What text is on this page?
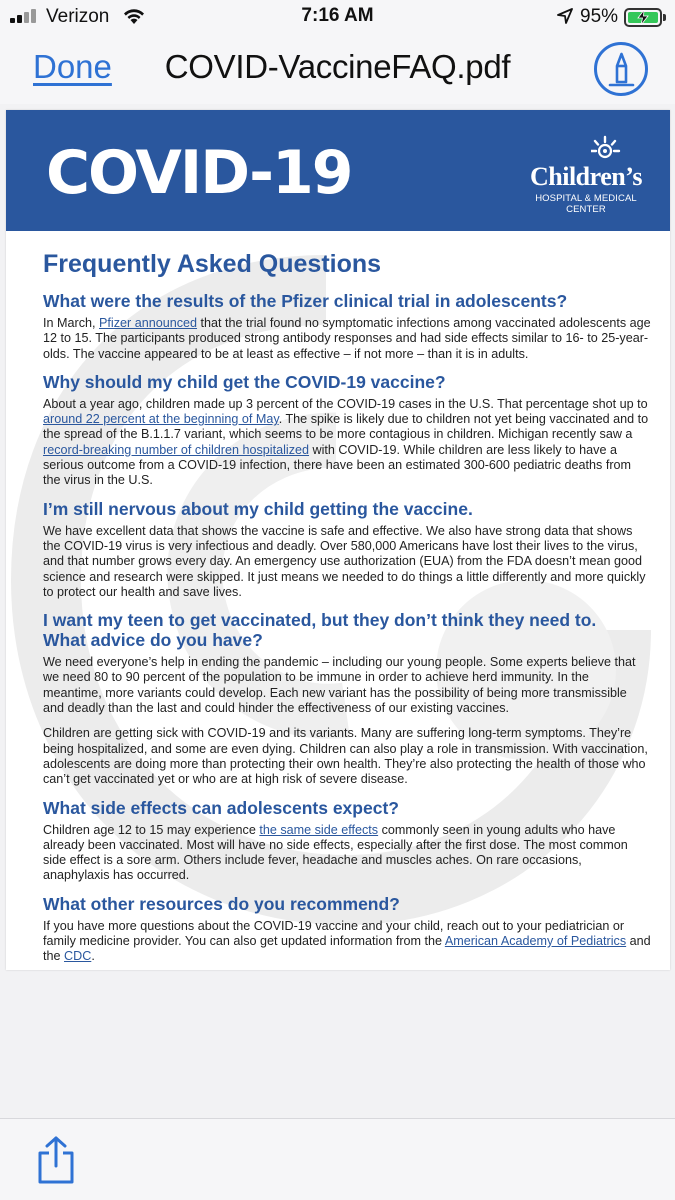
Verizon	7:16 AM	95%
Done	COVID-VaccineFAQ.pdf
COVID-19	Children’s
HOSPITAL & MEDICAL CENTER
Frequently Asked Questions
What were the results of the Pfizer clinical trial in adolescents?
In March, Pfizer announced that the trial found no symptomatic infections among vaccinated adolescents age 12 to 15. The participants produced strong antibody responses and had side effects similar to 16- to 25-year-olds. The vaccine appeared to be at least as effective – if not more – than it is in adults.
Why should my child get the COVID-19 vaccine?
About a year ago, children made up 3 percent of the COVID-19 cases in the U.S. That percentage shot up to around 22 percent at the beginning of May. The spike is likely due to children not yet being vaccinated and to the spread of the B.1.1.7 variant, which seems to be more contagious in children. Michigan recently saw a record-breaking number of children hospitalized with COVID-19. While children are less likely to have a serious outcome from a COVID-19 infection, there have been an estimated 300-600 pediatric deaths from the virus in the U.S.
I’m still nervous about my child getting the vaccine.
We have excellent data that shows the vaccine is safe and effective. We also have strong data that shows the COVID-19 virus is very infectious and deadly. Over 580,000 Americans have lost their lives to the virus, and that number grows every day. An emergency use authorization (EUA) from the FDA doesn’t mean good science and research were skipped. It just means we needed to do things a little differently and more quickly to protect our health and save lives.
I want my teen to get vaccinated, but they don’t think they need to.
What advice do you have?
We need everyone’s help in ending the pandemic – including our young people. Some experts believe that we need 80 to 90 percent of the population to be immune in order to achieve herd immunity. In the meantime, more variants could develop. Each new variant has the possibility of being more transmissible and deadly than the last and could hinder the effectiveness of our existing vaccines.
Children are getting sick with COVID-19 and its variants. Many are suffering long-term symptoms. They’re being hospitalized, and some are even dying. Children can also play a role in transmission. With vaccination, adolescents are doing more than protecting their own health. They’re also protecting the health of those who can’t get vaccinated yet or who are at high risk of severe disease.
What side effects can adolescents expect?
Children age 12 to 15 may experience the same side effects commonly seen in young adults who have already been vaccinated. Most will have no side effects, especially after the first dose. The most common side effect is a sore arm. Others include fever, headache and muscles aches. On rare occasions, anaphylaxis has occurred.
What other resources do you recommend?
If you have more questions about the COVID-19 vaccine and your child, reach out to your pediatrician or family medicine provider. You can also get updated information from the American Academy of Pediatrics and the CDC.
